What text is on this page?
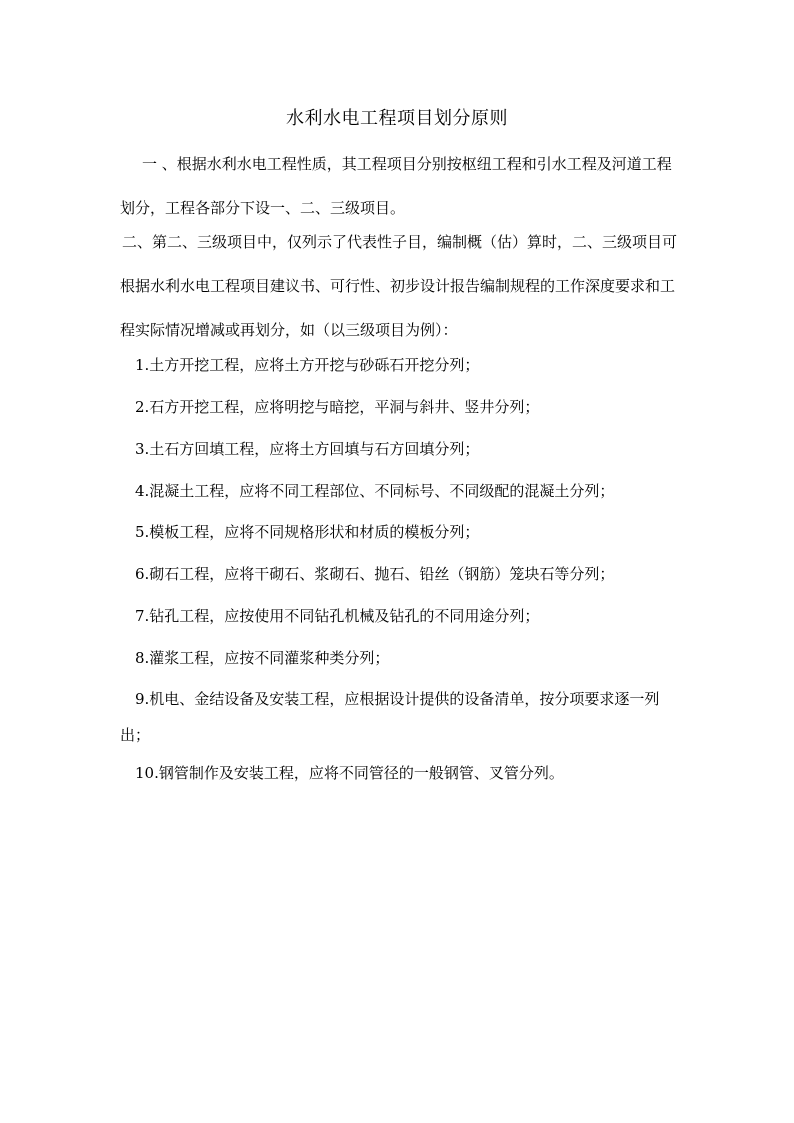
水利水电工程项目划分原则

一 、根据水利水电工程性质，其工程项目分别按枢纽工程和引水工程及河道工程划分，工程各部分下设一、二、三级项目。

二、第二、三级项目中，仅列示了代表性子目，编制概（估）算时，二、三级项目可根据水利水电工程项目建议书、可行性、初步设计报告编制规程的工作深度要求和工程实际情况增减或再划分，如（以三级项目为例）：

1.土方开挖工程，应将土方开挖与砂砾石开挖分列；

2.石方开挖工程，应将明挖与暗挖，平洞与斜井、竖井分列；

3.土石方回填工程，应将土方回填与石方回填分列；

4.混凝土工程，应将不同工程部位、不同标号、不同级配的混凝土分列；

5.模板工程，应将不同规格形状和材质的模板分列；

6.砌石工程，应将干砌石、浆砌石、抛石、铅丝（钢筋）笼块石等分列；

7.钻孔工程，应按使用不同钻孔机械及钻孔的不同用途分列；

8.灌浆工程，应按不同灌浆种类分列；

9.机电、金结设备及安装工程，应根据设计提供的设备清单，按分项要求逐一列出；

10.钢管制作及安装工程，应将不同管径的一般钢管、叉管分列。
